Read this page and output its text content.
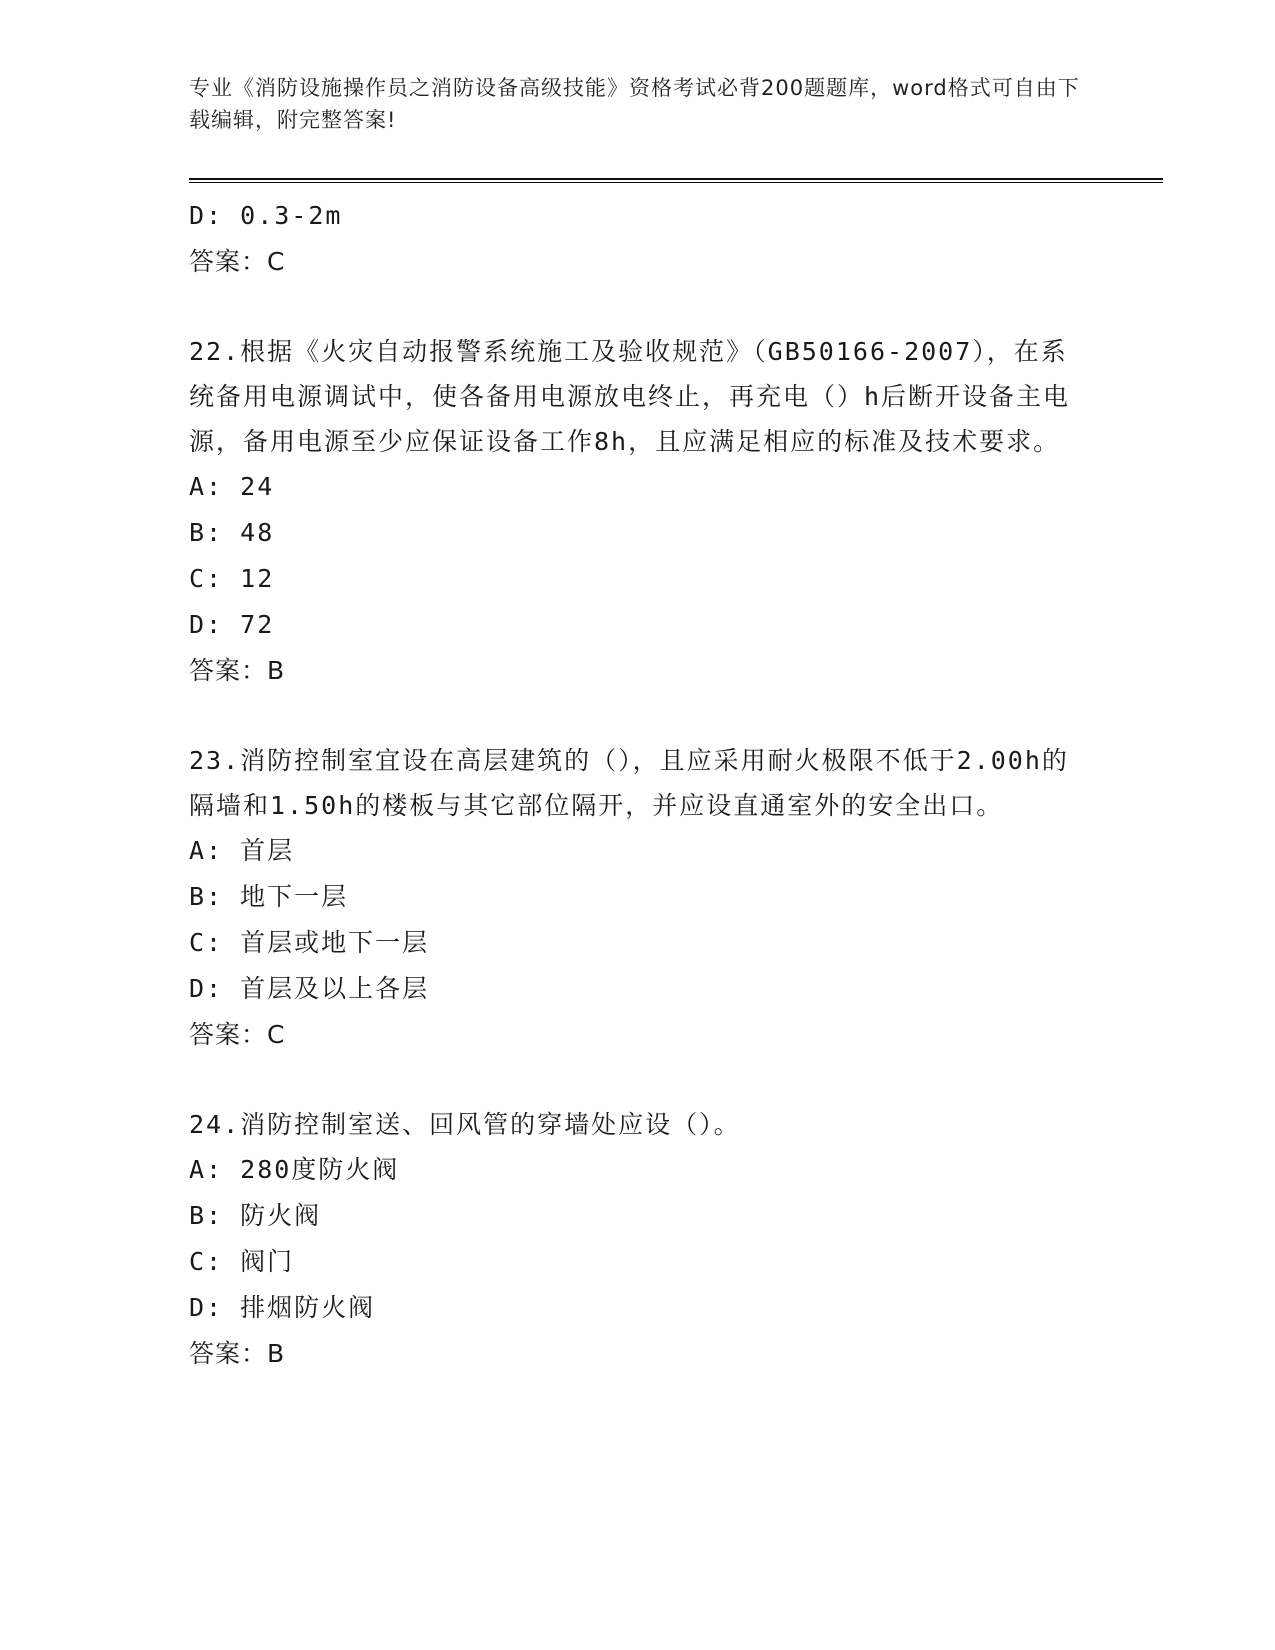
专业《消防设施操作员之消防设备高级技能》资格考试必背200题题库，word格式可自由下载编辑，附完整答案!
D: 0.3-2m
答案：C
22.根据《火灾自动报警系统施工及验收规范》（GB50166-2007），在系统备用电源调试中，使各备用电源放电终止，再充电（）h后断开设备主电源，备用电源至少应保证设备工作8h，且应满足相应的标准及技术要求。
A: 24
B: 48
C: 12
D: 72
答案：B
23.消防控制室宜设在高层建筑的（），且应采用耐火极限不低于2.00h的隔墙和1.50h的楼板与其它部位隔开，并应设直通室外的安全出口。
A: 首层
B: 地下一层
C: 首层或地下一层
D: 首层及以上各层
答案：C
24.消防控制室送、回风管的穿墙处应设（）。
A: 280度防火阀
B: 防火阀
C: 阀门
D: 排烟防火阀
答案：B
